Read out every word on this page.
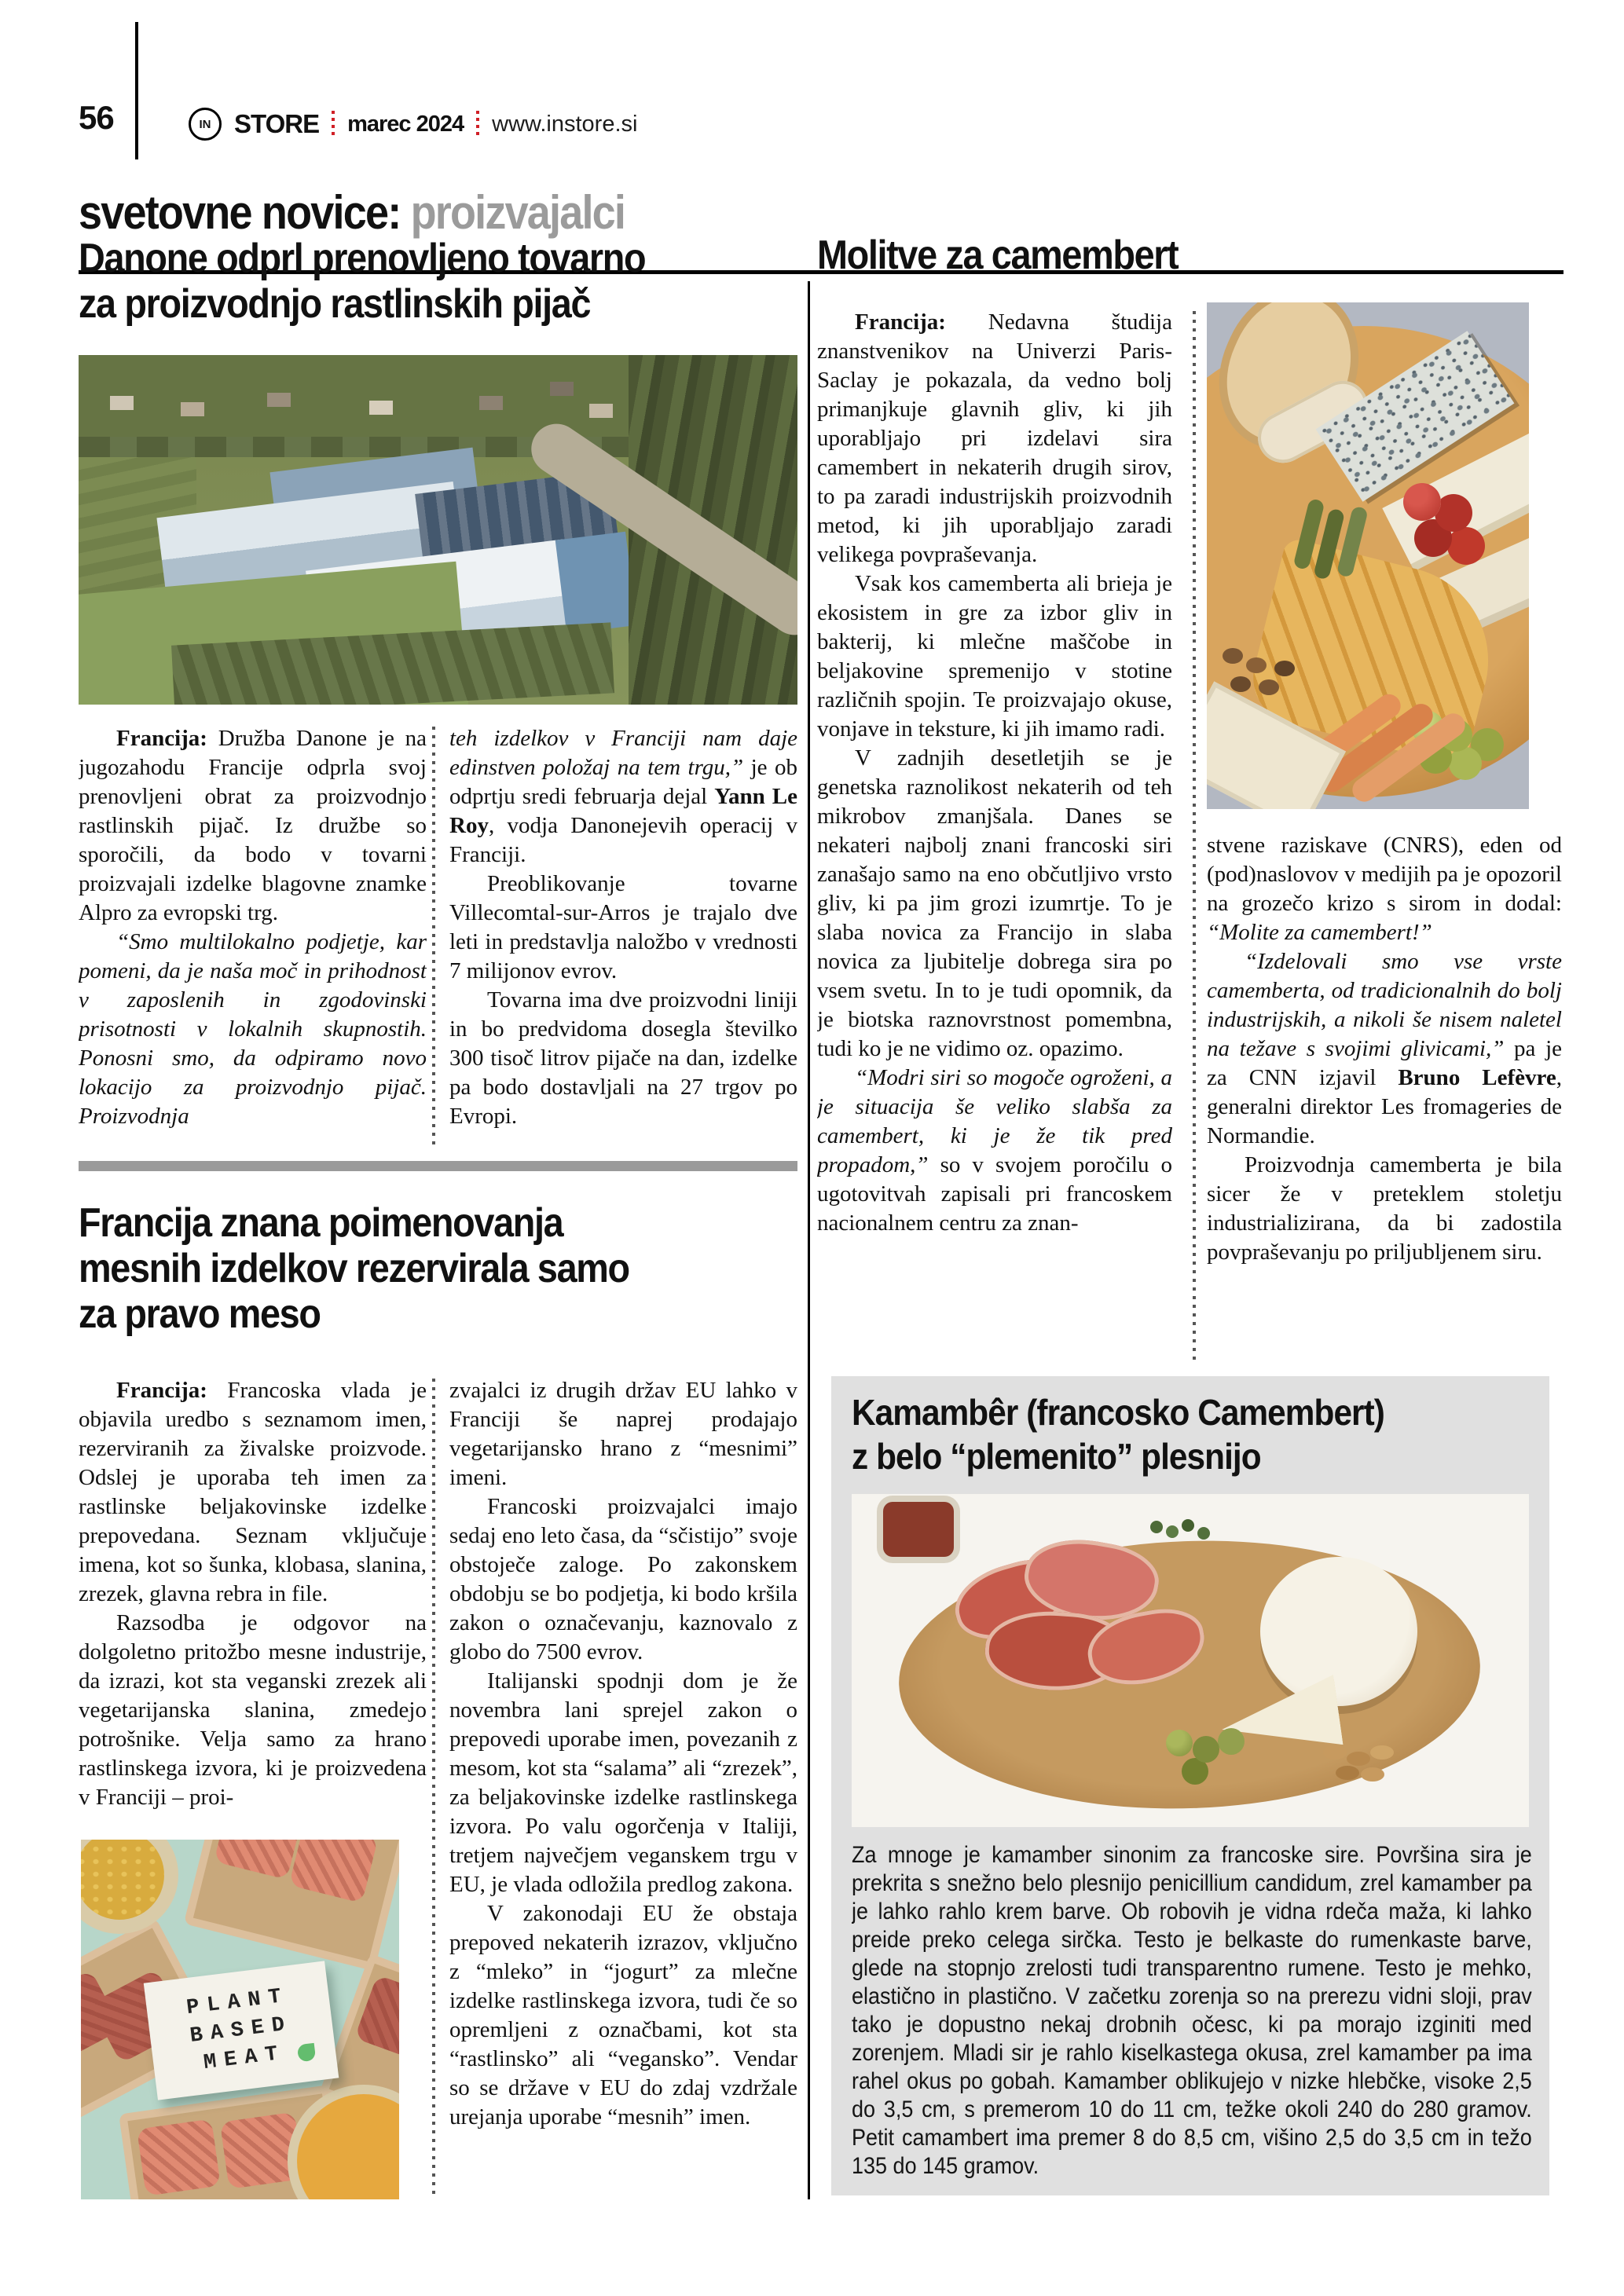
56	IN STORE marec 2024 www.instore.si
svetovne novice: proizvajalci
Danone odprl prenovljeno tovarno
za proizvodnjo rastlinskih pijač

Francija: Družba Danone je na jugozahodu Francije odprla svoj prenovljeni obrat za proizvodnjo rastlinskih pijač. Iz družbe so sporočili, da bodo v tovarni proizvajali izdelke blagovne znamke Alpro za evropski trg.

“Smo multilokalno podjetje, kar pomeni, da je naša moč in prihodnost v zaposlenih in zgodovinski prisotnosti v lokalnih skupnostih. Ponosni smo, da odpiramo novo lokacijo za proizvodnjo pijač. Proizvodnja

teh izdelkov v Franciji nam daje edinstven položaj na tem trgu,” je ob odprtju sredi februarja dejal Yann Le Roy, vodja Danonejevih operacij v Franciji.

Preoblikovanje tovarne Villecomtal-sur-Arros je trajalo dve leti in predstavlja naložbo v vrednosti 7 milijonov evrov.

Tovarna ima dve proizvodni liniji in bo predvidoma dosegla številko 300 tisoč litrov pijače na dan, izdelke pa bodo dostavljali na 27 trgov po Evropi.

Francija znana poimenovanja
mesnih izdelkov rezervirala samo
za pravo meso

Francija: Francoska vlada je objavila uredbo s seznamom imen, rezerviranih za živalske proizvode. Odslej je uporaba teh imen za rastlinske beljakovinske izdelke prepovedana. Seznam vključuje imena, kot so šunka, klobasa, slanina, zrezek, glavna rebra in file.

Razsodba je odgovor na dolgoletno pritožbo mesne industrije, da izrazi, kot sta veganski zrezek ali vegetarijanska slanina, zmedejo potrošnike. Velja samo za hrano rastlinskega izvora, ki je proizvedena v Franciji – proi-

zvajalci iz drugih držav EU lahko v Franciji še naprej prodajajo vegetarijansko hrano z “mesnimi” imeni.

Francoski proizvajalci imajo sedaj eno leto časa, da “sčistijo” svoje obstoječe zaloge. Po zakonskem obdobju se bo podjetja, ki bodo kršila zakon o označevanju, kaznovalo z globo do 7500 evrov.

Italijanski spodnji dom je že novembra lani sprejel zakon o prepovedi uporabe imen, povezanih z mesom, kot sta “salama” ali “zrezek”, za beljakovinske izdelke rastlinskega izvora. Po valu ogorčenja v Italiji, tretjem največjem veganskem trgu v EU, je vlada odložila predlog zakona.

V zakonodaji EU že obstaja prepoved nekaterih izrazov, vključno z “mleko” in “jogurt” za mlečne izdelke rastlinskega izvora, tudi če so opremljeni z označbami, kot sta “rastlinsko” ali “vegansko”. Vendar so se države v EU do zdaj vzdržale urejanja uporabe “mesnih” imen.

PLANT
BASED
MEAT
Molitve za camembert

Francija: Nedavna študija znanstvenikov na Univerzi Paris-Saclay je pokazala, da vedno bolj primanjkuje glavnih gliv, ki jih uporabljajo pri izdelavi sira camembert in nekaterih drugih sirov, to pa zaradi industrijskih proizvodnih metod, ki jih uporabljajo zaradi velikega povpraševanja.

Vsak kos camemberta ali brieja je ekosistem in gre za izbor gliv in bakterij, ki mlečne maščobe in beljakovine spremenijo v stotine različnih spojin. Te proizvajajo okuse, vonjave in teksture, ki jih imamo radi.

V zadnjih desetletjih se je genetska raznolikost nekaterih od teh mikrobov zmanjšala. Danes se nekateri najbolj znani francoski siri zanašajo samo na eno občutljivo vrsto gliv, ki pa jim grozi izumrtje. To je slaba novica za Francijo in slaba novica za ljubitelje dobrega sira po vsem svetu. In to je tudi opomnik, da je biotska raznovrstnost pomembna, tudi ko je ne vidimo oz. opazimo.

“Modri siri so mogoče ogroženi, a je situacija še veliko slabša za camembert, ki je že tik pred propadom,” so v svojem poročilu o ugotovitvah zapisali pri francoskem nacionalnem centru za znan-

stvene raziskave (CNRS), eden od (pod)naslovov v medijih pa je opozoril na grozečo krizo s sirom in dodal: “Molite za camembert!”

“Izdelovali smo vse vrste camemberta, od tradicionalnih do bolj industrijskih, a nikoli še nisem naletel na težave s svojimi glivicami,” pa je za CNN izjavil Bruno Lefèvre, generalni direktor Les fromageries de Normandie.

Proizvodnja camemberta je bila sicer že v preteklem stoletju industrializirana, da bi zadostila povpraševanju po priljubljenem siru.

Kamambêr (francosko Camembert)
z belo “plemenito” plesnijo
Za mnoge je kamamber sinonim za francoske sire. Površina sira je prekrita s snežno belo plesnijo penicillium candidum, zrel kamamber pa je lahko rahlo krem barve. Ob robovih je vidna rdeča maža, ki lahko preide preko celega sirčka. Testo je belkaste do rumenkaste barve, glede na stopnjo zrelosti tudi transparentno rumene. Testo je mehko, elastično in plastično. V začetku zorenja so na prerezu vidni sloji, prav tako je dopustno nekaj drobnih očesc, ki pa morajo izginiti med zorenjem. Mladi sir je rahlo kiselkastega okusa, zrel kamamber pa ima rahel okus po gobah. Kamamber oblikujejo v nizke hlebčke, visoke 2,5 do 3,5 cm, s premerom 10 do 11 cm, težke okoli 240 do 280 gramov. Petit camambert ima premer 8 do 8,5 cm, višino 2,5 do 3,5 cm in težo 135 do 145 gramov.
